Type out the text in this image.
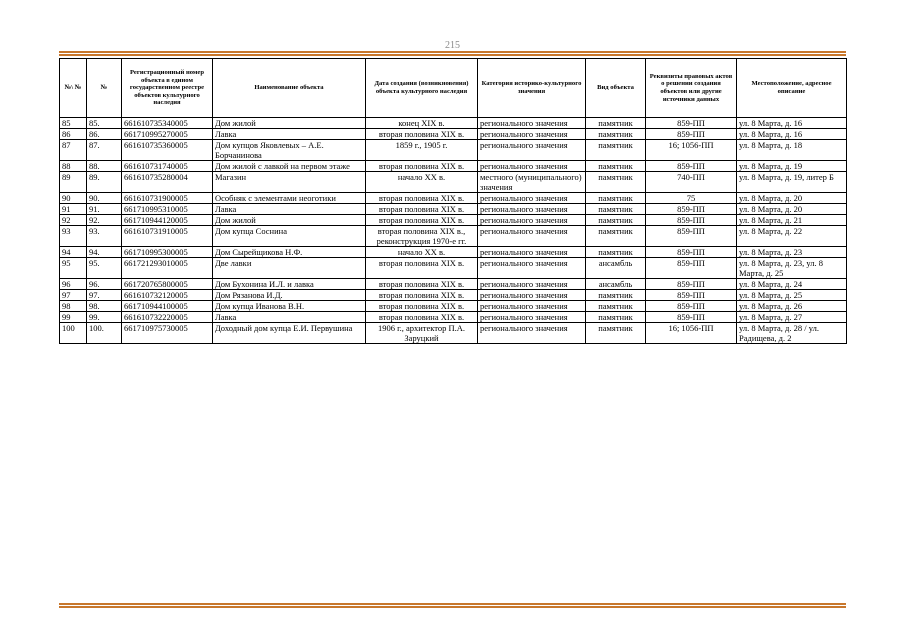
215
№\ №	№	Регистрационный номер объекта в едином государственном реестре объектов культурного наследия	Наименование объекта	Дата создания (возникновения) объекта культурного наследия	Категория историко-культурного значения	Вид объекта	Реквизиты правовых актов о решении создания объектов или другие источники данных	Местоположение, адресное описание
85	85.	661610735340005	Дом жилой	конец XIX в.	регионального значения	памятник	859-ПП	ул. 8 Марта, д. 16
86	86.	661710995270005	Лавка	вторая половина XIX в.	регионального значения	памятник	859-ПП	ул. 8 Марта, д. 16
87	87.	661610735360005	Дом купцов Яковлевых – А.Е. Борчанинова	1859 г., 1905 г.	регионального значения	памятник	16; 1056-ПП	ул. 8 Марта, д. 18
88	88.	661610731740005	Дом жилой с лавкой на первом этаже	вторая половина XIX в.	регионального значения	памятник	859-ПП	ул. 8 Марта, д. 19
89	89.	661610735280004	Магазин	начало XX в.	местного (муниципального) значения	памятник	740-ПП	ул. 8 Марта, д. 19, литер Б
90	90.	661610731900005	Особняк с элементами неоготики	вторая половина XIX в.	регионального значения	памятник	75	ул. 8 Марта, д. 20
91	91.	661710995310005	Лавка	вторая половина XIX в.	регионального значения	памятник	859-ПП	ул. 8 Марта, д. 20
92	92.	661710944120005	Дом жилой	вторая половина XIX в.	регионального значения	памятник	859-ПП	ул. 8 Марта, д. 21
93	93.	661610731910005	Дом купца Соснина	вторая половина XIX в., реконструкция 1970-е гг.	регионального значения	памятник	859-ПП	ул. 8 Марта, д. 22
94	94.	661710995300005	Дом Сырейщикова Н.Ф.	начало XX в.	регионального значения	памятник	859-ПП	ул. 8 Марта, д. 23
95	95.	661721293010005	Две лавки	вторая половина XIX в.	регионального значения	ансамбль	859-ПП	ул. 8 Марта, д. 23, ул. 8 Марта, д. 25
96	96.	661720765800005	Дом Бухонина И.Л. и лавка	вторая половина XIX в.	регионального значения	ансамбль	859-ПП	ул. 8 Марта, д. 24
97	97.	661610732120005	Дом Рязанова И.Д.	вторая половина XIX в.	регионального значения	памятник	859-ПП	ул. 8 Марта, д. 25
98	98.	661710944100005	Дом купца Иванова В.Н.	вторая половина XIX в.	регионального значения	памятник	859-ПП	ул. 8 Марта, д. 26
99	99.	661610732220005	Лавка	вторая половина XIX в.	регионального значения	памятник	859-ПП	ул. 8 Марта, д. 27
100	100.	661710975730005	Доходный дом купца Е.И. Первушина	1906 г., архитектор П.А. Заруцкий	регионального значения	памятник	16; 1056-ПП	ул. 8 Марта, д. 28 / ул. Радищева, д. 2
